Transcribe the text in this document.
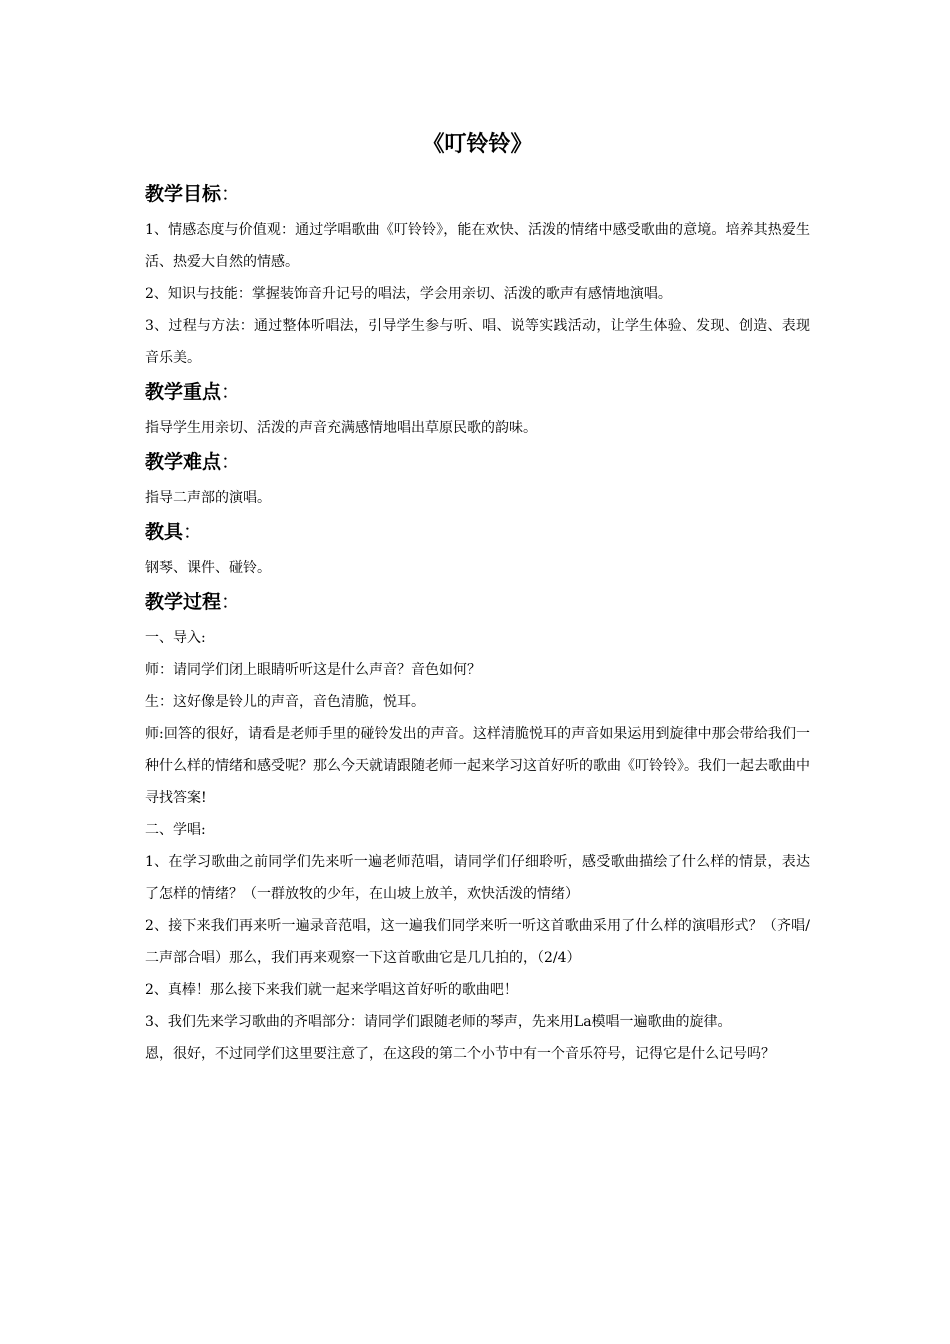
《叮铃铃》
教学目标：

1、情感态度与价值观：通过学唱歌曲《叮铃铃》，能在欢快、活泼的情绪中感受歌曲的意境。培养其热爱生活、热爱大自然的情感。

2、知识与技能：掌握装饰音升记号的唱法，学会用亲切、活泼的歌声有感情地演唱。

3、过程与方法：通过整体听唱法，引导学生参与听、唱、说等实践活动，让学生体验、发现、创造、表现音乐美。

教学重点：

指导学生用亲切、活泼的声音充满感情地唱出草原民歌的韵味。

教学难点：

指导二声部的演唱。

教具：

钢琴、课件、碰铃。

教学过程：

一、导入:

师：请同学们闭上眼睛听听这是什么声音？音色如何？

生：这好像是铃儿的声音，音色清脆，悦耳。

师:回答的很好，请看是老师手里的碰铃发出的声音。这样清脆悦耳的声音如果运用到旋律中那会带给我们一种什么样的情绪和感受呢？那么今天就请跟随老师一起来学习这首好听的歌曲《叮铃铃》。我们一起去歌曲中寻找答案!

二、学唱:

1、在学习歌曲之前同学们先来听一遍老师范唱，请同学们仔细聆听，感受歌曲描绘了什么样的情景，表达了怎样的情绪？（一群放牧的少年，在山坡上放羊，欢快活泼的情绪）

2、接下来我们再来听一遍录音范唱，这一遍我们同学来听一听这首歌曲采用了什么样的演唱形式？（齐唱/二声部合唱）那么，我们再来观察一下这首歌曲它是几几拍的，（2/4）

2、真棒！那么接下来我们就一起来学唱这首好听的歌曲吧！

3、我们先来学习歌曲的齐唱部分：请同学们跟随老师的琴声，先来用La模唱一遍歌曲的旋律。

恩，很好，不过同学们这里要注意了，在这段的第二个小节中有一个音乐符号，记得它是什么记号吗？
